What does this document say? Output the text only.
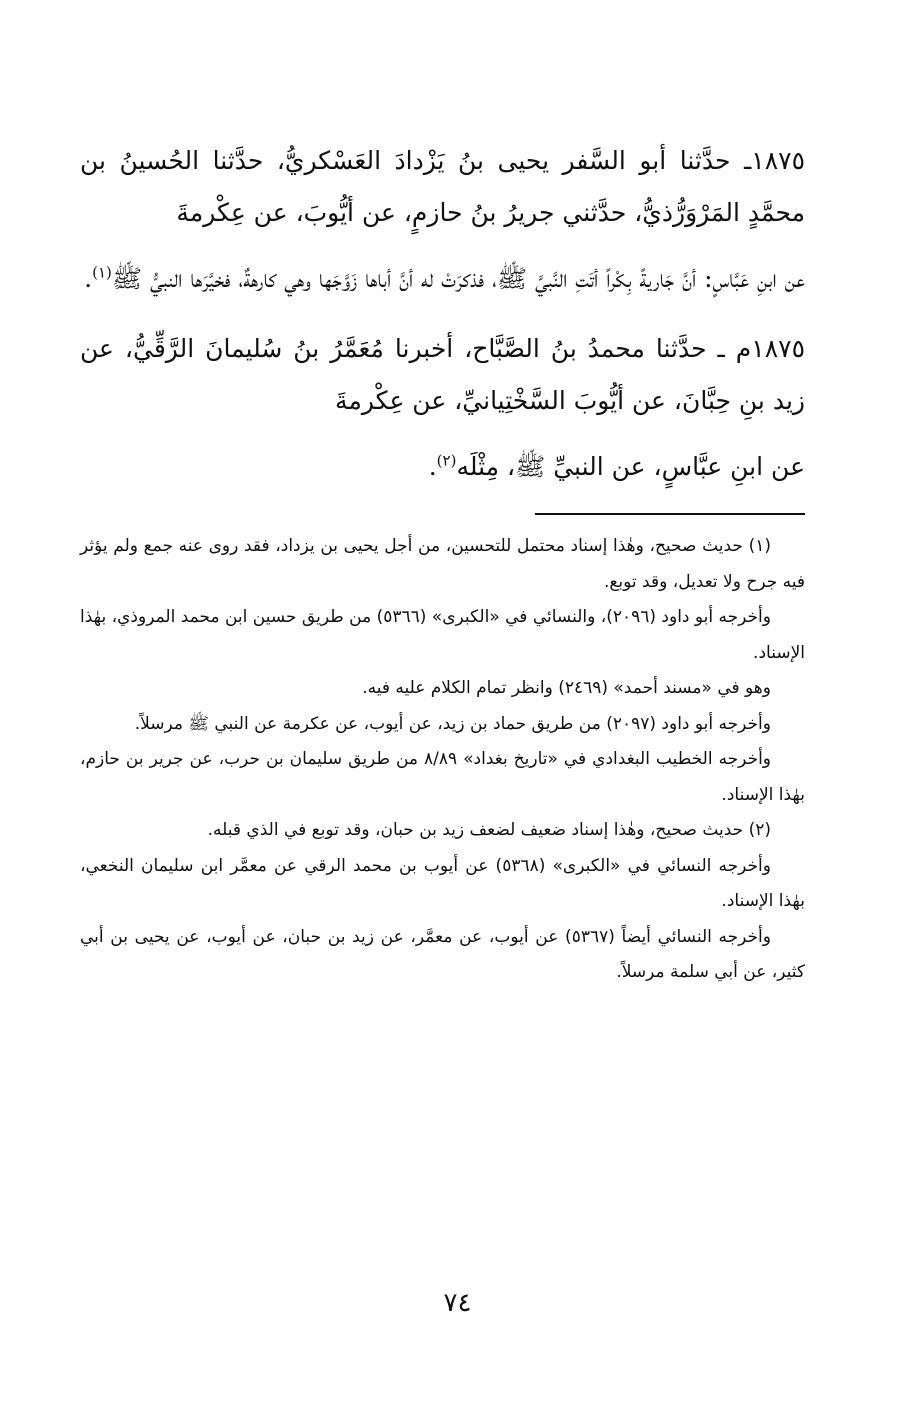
١٨٧٥ـ حدَّثنا أبو السَّفر يحيى بنُ يَزْدادَ العَسْكريُّ، حدَّثنا الحُسينُ بن محمَّدٍ المَرْوَرُّذيُّ، حدَّثني جريرُ بنُ حازمٍ، عن أيُّوبَ، عن عِكْرمةَ

عن ابنِ عَبَّاسٍ: أنَّ جَاريةً بِكْراً أتَتِ النَّبيَّ ﷺ، فذكرَتْ له أنَّ أباها زَوَّجَها وهي كارهةٌ، فخيَّرَها النبيُّ ﷺ$^{(١)}$.

١٨٧٥م ـ حدَّثنا محمدُ بنُ الصَّبَّاح، أخبرنا مُعَمَّرُ بنُ سُليمانَ الرَّقِّيُّ، عن زيد بنِ حِبَّانَ، عن أيُّوبَ السَّخْتِيانيِّ، عن عِكْرمةَ

عن ابنِ عبَّاسٍ، عن النبيِّ ﷺ، مِثْلَه$^{(٢)}$.

(١) حديث صحيح، وهٰذا إسناد محتمل للتحسين، من أجل يحيى بن يزداد، فقد روى عنه جمع ولم يؤثر فيه جرح ولا تعديل، وقد توبع.

وأخرجه أبو داود (٢٠٩٦)، والنسائي في «الكبرى» (٥٣٦٦) من طريق حسين ابن محمد المروذي، بهٰذا الإسناد.

وهو في «مسند أحمد» (٢٤٦٩) وانظر تمام الكلام عليه فيه.

وأخرجه أبو داود (٢٠٩٧) من طريق حماد بن زيد، عن أيوب، عن عكرمة عن النبي ﷺ مرسلاً.

وأخرجه الخطيب البغدادي في «تاريخ بغداد» ٨/٨٩ من طريق سليمان بن حرب، عن جرير بن حازم، بهٰذا الإسناد.

(٢) حديث صحيح، وهٰذا إسناد ضعيف لضعف زيد بن حبان، وقد توبع في الذي قبله.

وأخرجه النسائي في «الكبرى» (٥٣٦٨) عن أيوب بن محمد الرقي عن معمَّر ابن سليمان النخعي، بهٰذا الإسناد.

وأخرجه النسائي أيضاً (٥٣٦٧) عن أيوب، عن معمَّر، عن زيد بن حبان، عن أيوب، عن يحيى بن أبي كثير، عن أبي سلمة مرسلاً.

٧٤
